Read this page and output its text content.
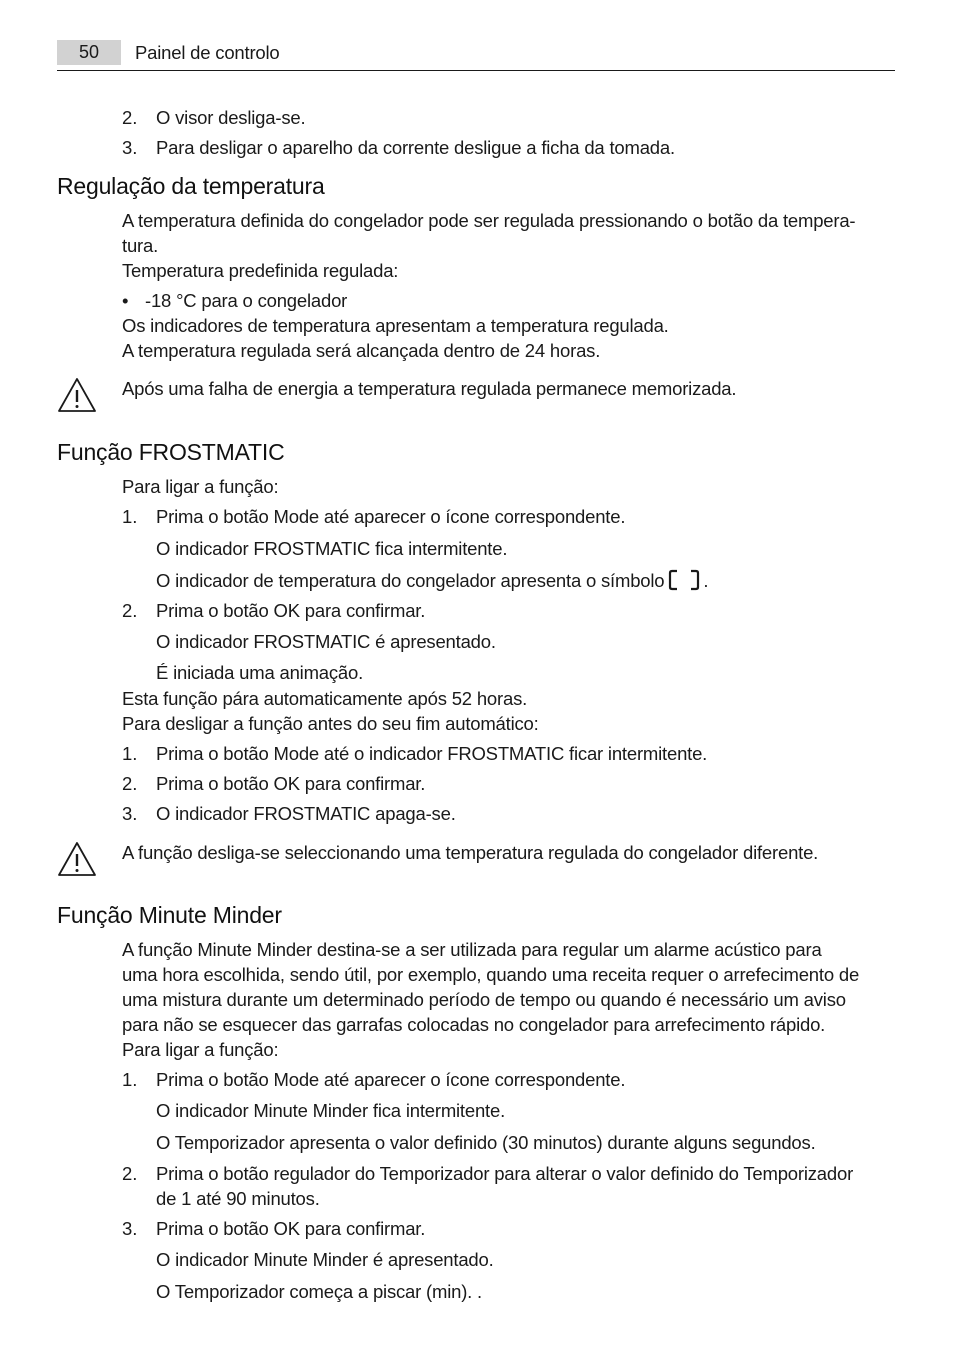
50	Painel de controlo
2. O visor desliga-se.
3. Para desligar o aparelho da corrente desligue a ficha da tomada.
Regulação da temperatura
A temperatura definida do congelador pode ser regulada pressionando o botão da tempera-
tura.
Temperatura predefinida regulada:
• -18 °C para o congelador
Os indicadores de temperatura apresentam a temperatura regulada.
A temperatura regulada será alcançada dentro de 24 horas.
Após uma falha de energia a temperatura regulada permanece memorizada.
Função FROSTMATIC
Para ligar a função:
1. Prima o botão Mode até aparecer o ícone correspondente.
O indicador FROSTMATIC fica intermitente.
O indicador de temperatura do congelador apresenta o símbolo .
2. Prima o botão OK para confirmar.
O indicador FROSTMATIC é apresentado.
É iniciada uma animação.
Esta função pára automaticamente após 52 horas.
Para desligar a função antes do seu fim automático:
1. Prima o botão Mode até o indicador FROSTMATIC ficar intermitente.
2. Prima o botão OK para confirmar.
3. O indicador FROSTMATIC apaga-se.
A função desliga-se seleccionando uma temperatura regulada do congelador diferente.
Função Minute Minder
A função Minute Minder destina-se a ser utilizada para regular um alarme acústico para
uma hora escolhida, sendo útil, por exemplo, quando uma receita requer o arrefecimento de
uma mistura durante um determinado período de tempo ou quando é necessário um aviso
para não se esquecer das garrafas colocadas no congelador para arrefecimento rápido.
Para ligar a função:
1. Prima o botão Mode até aparecer o ícone correspondente.
O indicador Minute Minder fica intermitente.
O Temporizador apresenta o valor definido (30 minutos) durante alguns segundos.
2. Prima o botão regulador do Temporizador para alterar o valor definido do Temporizador
de 1 até 90 minutos.
3. Prima o botão OK para confirmar.
O indicador Minute Minder é apresentado.
O Temporizador começa a piscar (min). .
